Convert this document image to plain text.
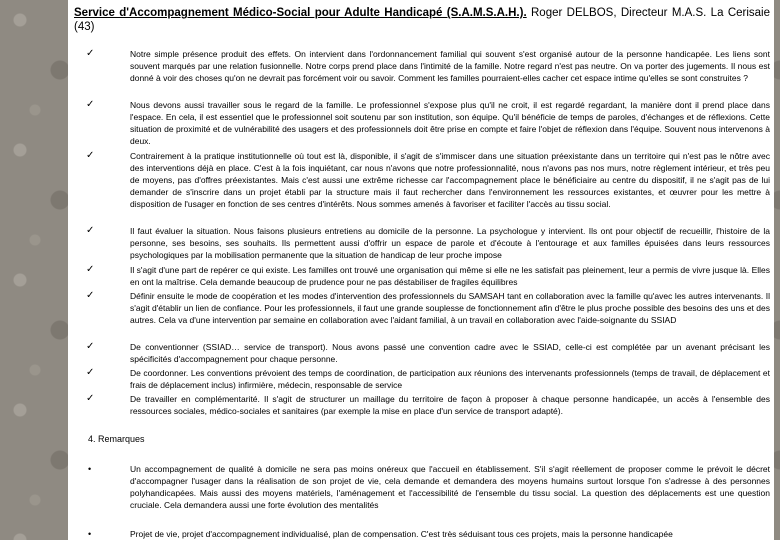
Service d'Accompagnement Médico-Social pour Adulte Handicapé (S.A.M.S.A.H.). Roger DELBOS, Directeur M.A.S. La Cerisaie (43)
✓	Notre simple présence produit des effets. On intervient dans l'ordonnancement familial qui souvent s'est organisé autour de la personne handicapée. Les liens sont souvent marqués par une relation fusionnelle. Notre corps prend place dans l'intimité de la famille. Notre regard n'est pas neutre. On va porter des jugements. Il nous est donné à voir des choses qu'on ne devrait pas forcément voir ou savoir. Comment les familles pourraient-elles cacher cet espace intime qu'elles se sont construites ?
✓	Nous devons aussi travailler sous le regard de la famille. Le professionnel s'expose plus qu'il ne croit, il est regardé regardant, la manière dont il prend place dans l'espace. En cela, il est essentiel que le professionnel soit soutenu par son institution, son équipe. Qu'il bénéficie de temps de paroles, d'échanges et de réflexions. Cette situation de proximité et de vulnérabilité des usagers et des professionnels doit être prise en compte et faire l'objet de réflexion dans l'équipe. Souvent nous intervenons à deux.
✓	Contrairement à la pratique institutionnelle où tout est là, disponible, il s'agit de s'immiscer dans une situation préexistante dans un territoire qui n'est pas le nôtre avec des interventions déjà en place. C'est à la fois inquiétant, car nous n'avons que notre professionnalité, nous n'avons pas nos murs, notre règlement intérieur, et très peu de moyens, pas d'offres préexistantes. Mais c'est aussi une extrême richesse car l'accompagnement place le bénéficiaire au centre du dispositif, il ne s'agit pas de lui demander de s'inscrire dans un projet établi par la structure mais il faut rechercher dans l'environnement les ressources existantes, et œuvrer pour les mettre à disposition de l'usager en fonction de ses centres d'intérêts. Nous sommes amenés à favoriser et faciliter l'accès au tissu social.
✓	Il faut évaluer la situation. Nous faisons plusieurs entretiens au domicile de la personne. La psychologue y intervient. Ils ont pour objectif de recueillir, l'histoire de la personne, ses besoins, ses souhaits. Ils permettent aussi d'offrir un espace de parole et d'écoute à l'entourage et aux familles épuisées dans leurs ressources psychologiques par la mobilisation permanente que la situation de handicap de leur proche impose
✓	Il s'agit d'une part de repérer ce qui existe. Les familles ont trouvé une organisation qui même si elle ne les satisfait pas pleinement, leur a permis de vivre jusque là. Elles en ont la maîtrise. Cela demande beaucoup de prudence pour ne pas déstabiliser de fragiles équilibres
✓	Définir ensuite le mode de coopération et les modes d'intervention des professionnels du SAMSAH tant en collaboration avec la famille qu'avec les autres intervenants. Il s'agit d'établir un lien de confiance. Pour les professionnels, il faut une grande souplesse de fonctionnement afin d'être le plus proche possible des besoins des uns et des autres. Cela va d'une intervention par semaine en collaboration avec l'aidant familial, à un travail en collaboration avec l'aide-soignante du SSIAD
✓	De conventionner (SSIAD… service de transport). Nous avons passé une convention cadre avec le SSIAD, celle-ci est complétée par un avenant précisant les spécificités d'accompagnement pour chaque personne.
✓	De coordonner. Les conventions prévoient des temps de coordination, de participation aux réunions des intervenants professionnels (temps de travail, de déplacement et frais de déplacement inclus) infirmière, médecin, responsable de service
✓	De travailler en complémentarité. Il s'agit de structurer un maillage du territoire de façon à proposer à chaque personne handicapée, un accès à l'ensemble des ressources sociales, médico-sociales et sanitaires (par exemple la mise en place d'un service de transport adapté).
4. Remarques
•	Un accompagnement de qualité à domicile ne sera pas moins onéreux que l'accueil en établissement. S'il s'agit réellement de proposer comme le prévoit le décret d'accompagner l'usager dans la réalisation de son projet de vie, cela demande et demandera des moyens humains surtout lorsque l'on s'adresse à des personnes polyhandicapées. Mais aussi des moyens matériels, l'aménagement et l'accessibilité de l'ensemble du tissu social. La question des déplacements est une question cruciale. Cela demandera aussi une forte évolution des mentalités
•	Projet de vie, projet d'accompagnement individualisé, plan de compensation. C'est très séduisant tous ces projets, mais la personne handicapée
